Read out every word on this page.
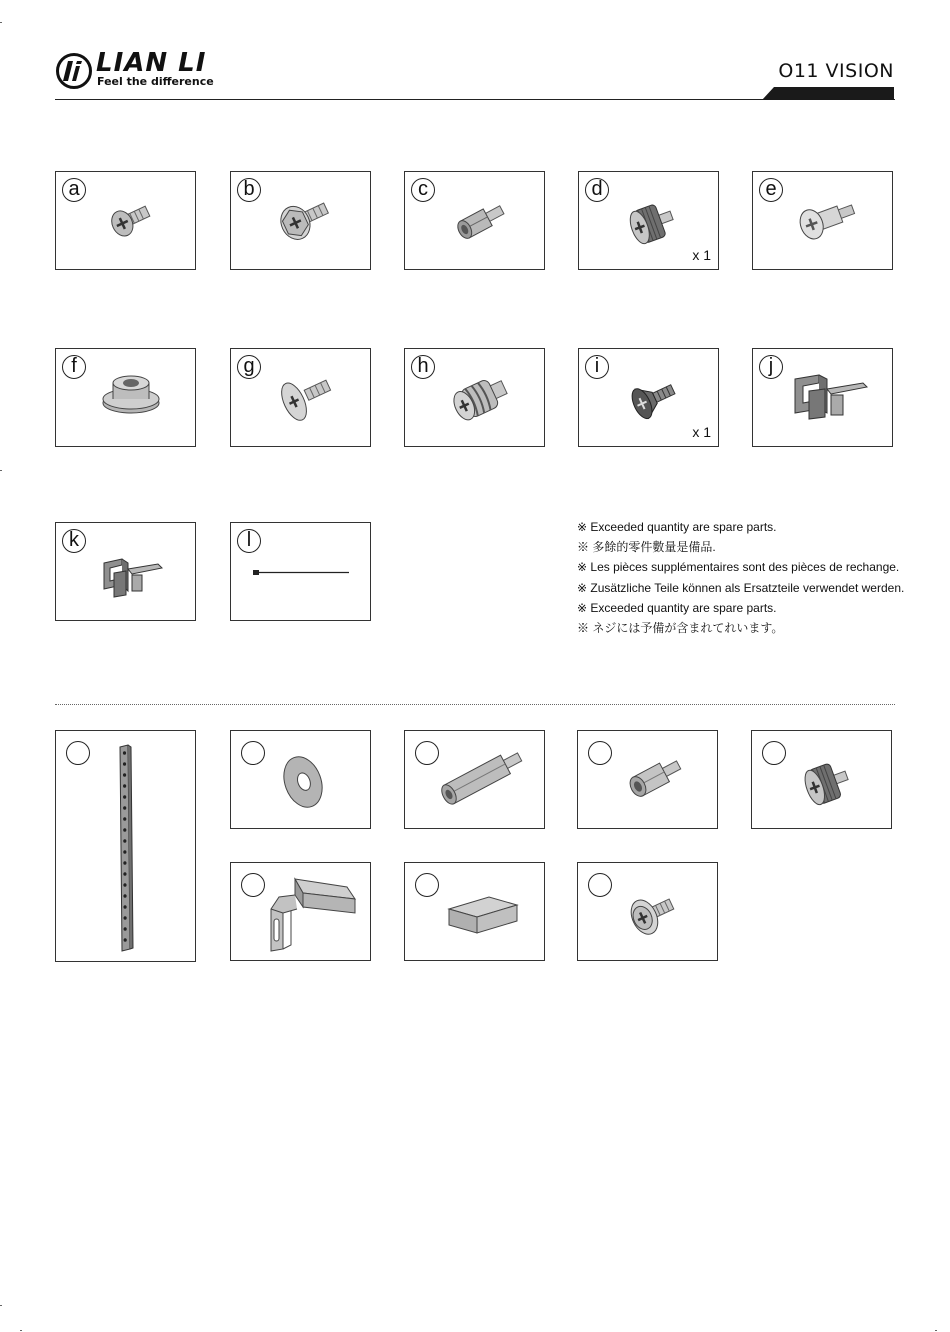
LIAN LI
Feel the difference	O11 VISION
a	b	c	d
x 1
e
f	g	h	i
x 1
j
k	l
※ Exceeded quantity are spare parts.
※ 多餘的零件數量是備品.
※ Les pièces supplémentaires sont des pièces de rechange.
※ Zusätzliche Teile können als Ersatzteile verwendet werden.
※ Exceeded quantity are spare parts.
※ ネジには予備が含まれてれいます。
